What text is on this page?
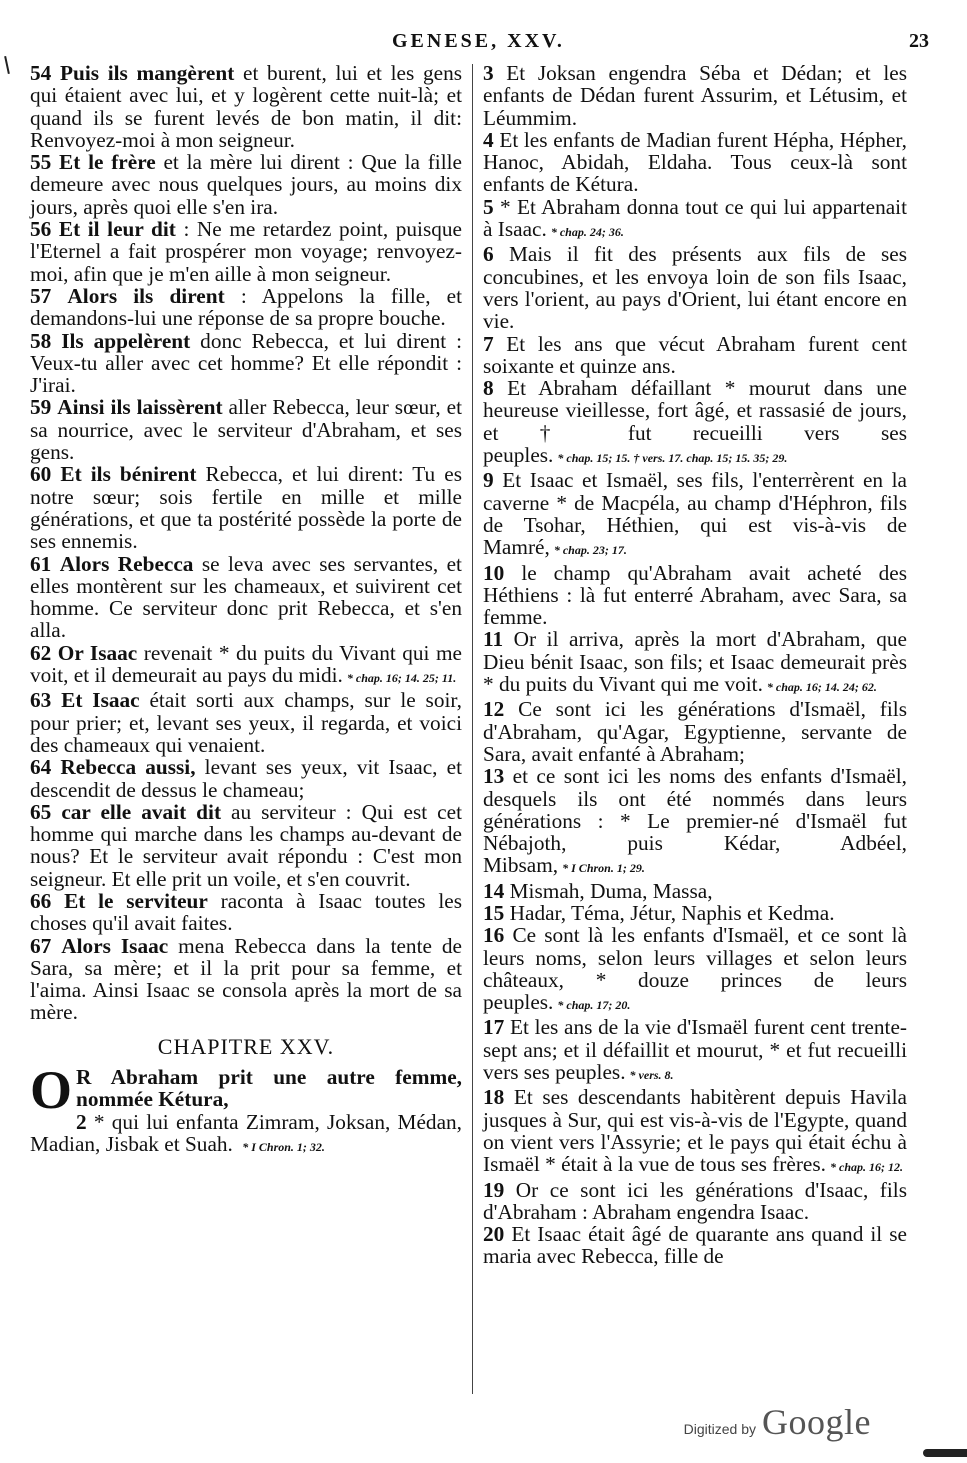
GENESE, XXV.	23

54 Puis ils mangèrent et burent, lui et les gens qui étaient avec lui, et y logèrent cette nuit-là; et quand ils se furent levés de bon matin, il dit: Renvoyez-moi à mon seigneur.

55 Et le frère et la mère lui dirent : Que la fille demeure avec nous quelques jours, au moins dix jours, après quoi elle s'en ira.

56 Et il leur dit : Ne me retardez point, puisque l'Eternel a fait prospérer mon voyage; renvoyez-moi, afin que je m'en aille à mon seigneur.

57 Alors ils dirent : Appelons la fille, et demandons-lui une réponse de sa propre bouche.

58 Ils appelèrent donc Rebecca, et lui dirent : Veux-tu aller avec cet homme? Et elle répondit : J'irai.

59 Ainsi ils laissèrent aller Rebecca, leur sœur, et sa nourrice, avec le serviteur d'Abraham, et ses gens.

60 Et ils bénirent Rebecca, et lui dirent: Tu es notre sœur; sois fertile en mille et mille générations, et que ta postérité possède la porte de ses ennemis.

61 Alors Rebecca se leva avec ses servantes, et elles montèrent sur les chameaux, et suivirent cet homme. Ce serviteur donc prit Rebecca, et s'en alla.

62 Or Isaac revenait * du puits du Vivant qui me voit, et il demeurait au pays du midi. * chap. 16; 14. 25; 11.

63 Et Isaac était sorti aux champs, sur le soir, pour prier; et, levant ses yeux, il regarda, et voici des chameaux qui venaient.

64 Rebecca aussi, levant ses yeux, vit Isaac, et descendit de dessus le chameau;

65 car elle avait dit au serviteur : Qui est cet homme qui marche dans les champs au-devant de nous? Et le serviteur avait répondu : C'est mon seigneur. Et elle prit un voile, et s'en couvrit.

66 Et le serviteur raconta à Isaac toutes les choses qu'il avait faites.

67 Alors Isaac mena Rebecca dans la tente de Sara, sa mère; et il la prit pour sa femme, et l'aima. Ainsi Isaac se consola après la mort de sa mère.

CHAPITRE XXV.

O R Abraham prit une autre femme, nommée Kétura,

2 * qui lui enfanta Zimram, Joksan, Médan, Madian, Jisbak et Suah. * I Chron. 1; 32.

3 Et Joksan engendra Séba et Dédan; et les enfants de Dédan furent Assurim, et Létusim, et Léummim.

4 Et les enfants de Madian furent Hépha, Hépher, Hanoc, Abidah, Eldaha. Tous ceux-là sont enfants de Kétura.

5 * Et Abraham donna tout ce qui lui appartenait à Isaac. * chap. 24; 36.

6 Mais il fit des présents aux fils de ses concubines, et les envoya loin de son fils Isaac, vers l'orient, au pays d'Orient, lui étant encore en vie.

7 Et les ans que vécut Abraham furent cent soixante et quinze ans.

8 Et Abraham défaillant * mourut dans une heureuse vieillesse, fort âgé, et rassasié de jours, et † fut recueilli vers ses peuples. * chap. 15; 15. † vers. 17. chap. 15; 15. 35; 29.

9 Et Isaac et Ismaël, ses fils, l'enterrèrent en la caverne * de Macpéla, au champ d'Héphron, fils de Tsohar, Héthien, qui est vis-à-vis de Mamré, * chap. 23; 17.

10 le champ qu'Abraham avait acheté des Héthiens : là fut enterré Abraham, avec Sara, sa femme.

11 Or il arriva, après la mort d'Abraham, que Dieu bénit Isaac, son fils; et Isaac demeurait près * du puits du Vivant qui me voit. * chap. 16; 14. 24; 62.

12 Ce sont ici les générations d'Ismaël, fils d'Abraham, qu'Agar, Egyptienne, servante de Sara, avait enfanté à Abraham;

13 et ce sont ici les noms des enfants d'Ismaël, desquels ils ont été nommés dans leurs générations : * Le premier-né d'Ismaël fut Nébajoth, puis Kédar, Adbéel, Mibsam, * I Chron. 1; 29.

14 Mismah, Duma, Massa,

15 Hadar, Téma, Jétur, Naphis et Kedma.

16 Ce sont là les enfants d'Ismaël, et ce sont là leurs noms, selon leurs villages et selon leurs châteaux, * douze princes de leurs peuples. * chap. 17; 20.

17 Et les ans de la vie d'Ismaël furent cent trente-sept ans; et il défaillit et mourut, * et fut recueilli vers ses peuples. * vers. 8.

18 Et ses descendants habitèrent depuis Havila jusques à Sur, qui est vis-à-vis de l'Egypte, quand on vient vers l'Assyrie; et le pays qui était échu à Ismaël * était à la vue de tous ses frères. * chap. 16; 12.

19 Or ce sont ici les générations d'Isaac, fils d'Abraham : Abraham engendra Isaac.

20 Et Isaac était âgé de quarante ans quand il se maria avec Rebecca, fille de

Digitized by Google
